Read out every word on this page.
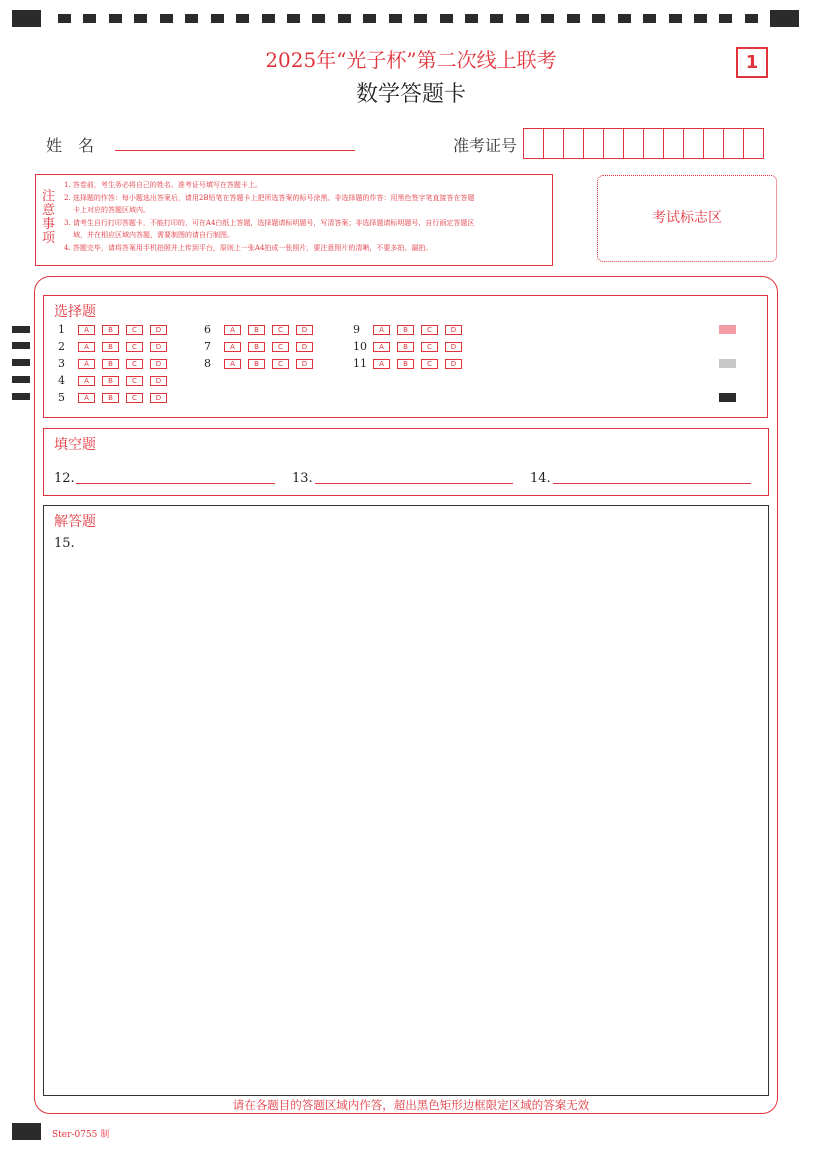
2025年“光子杯”第二次线上联考
数学答题卡
1
姓　名	准考证号
注
意
事
项

1. 答卷前，考生务必将自己的姓名、准考证号填写在答题卡上。

2. 选择题的作答：每小题选出答案后，请用2B铅笔在答题卡上把所选答案的标号涂黑。非选择题的作答：用黑色签字笔直接答在答题

卡上对应的答题区域内。

3. 请考生自行打印答题卡，不能打印的，可在A4白纸上答题，选择题请标明题号，写清答案；非选择题请标明题号，自行画定答题区

域，并在相应区域内答题，需要制图的请自行制图。

4. 答题完毕，请将答案用手机拍照并上传到平台，原则上一张A4拍成一张照片，要注意照片的清晰，不要多拍、漏拍。

考试标志区
选择题
1	A	B	C	D
2	A	B	C	D
3	A	B	C	D
4	A	B	C	D
5	A	B	C	D
6	A	B	C	D
7	A	B	C	D
8	A	B	C	D
9	A	B	C	D
10	A	B	C	D
11	A	B	C	D
填空题
12.	13.	14.
解答题
15.
请在各题目的答题区域内作答，超出黑色矩形边框限定区域的答案无效
Ster-0755 制
